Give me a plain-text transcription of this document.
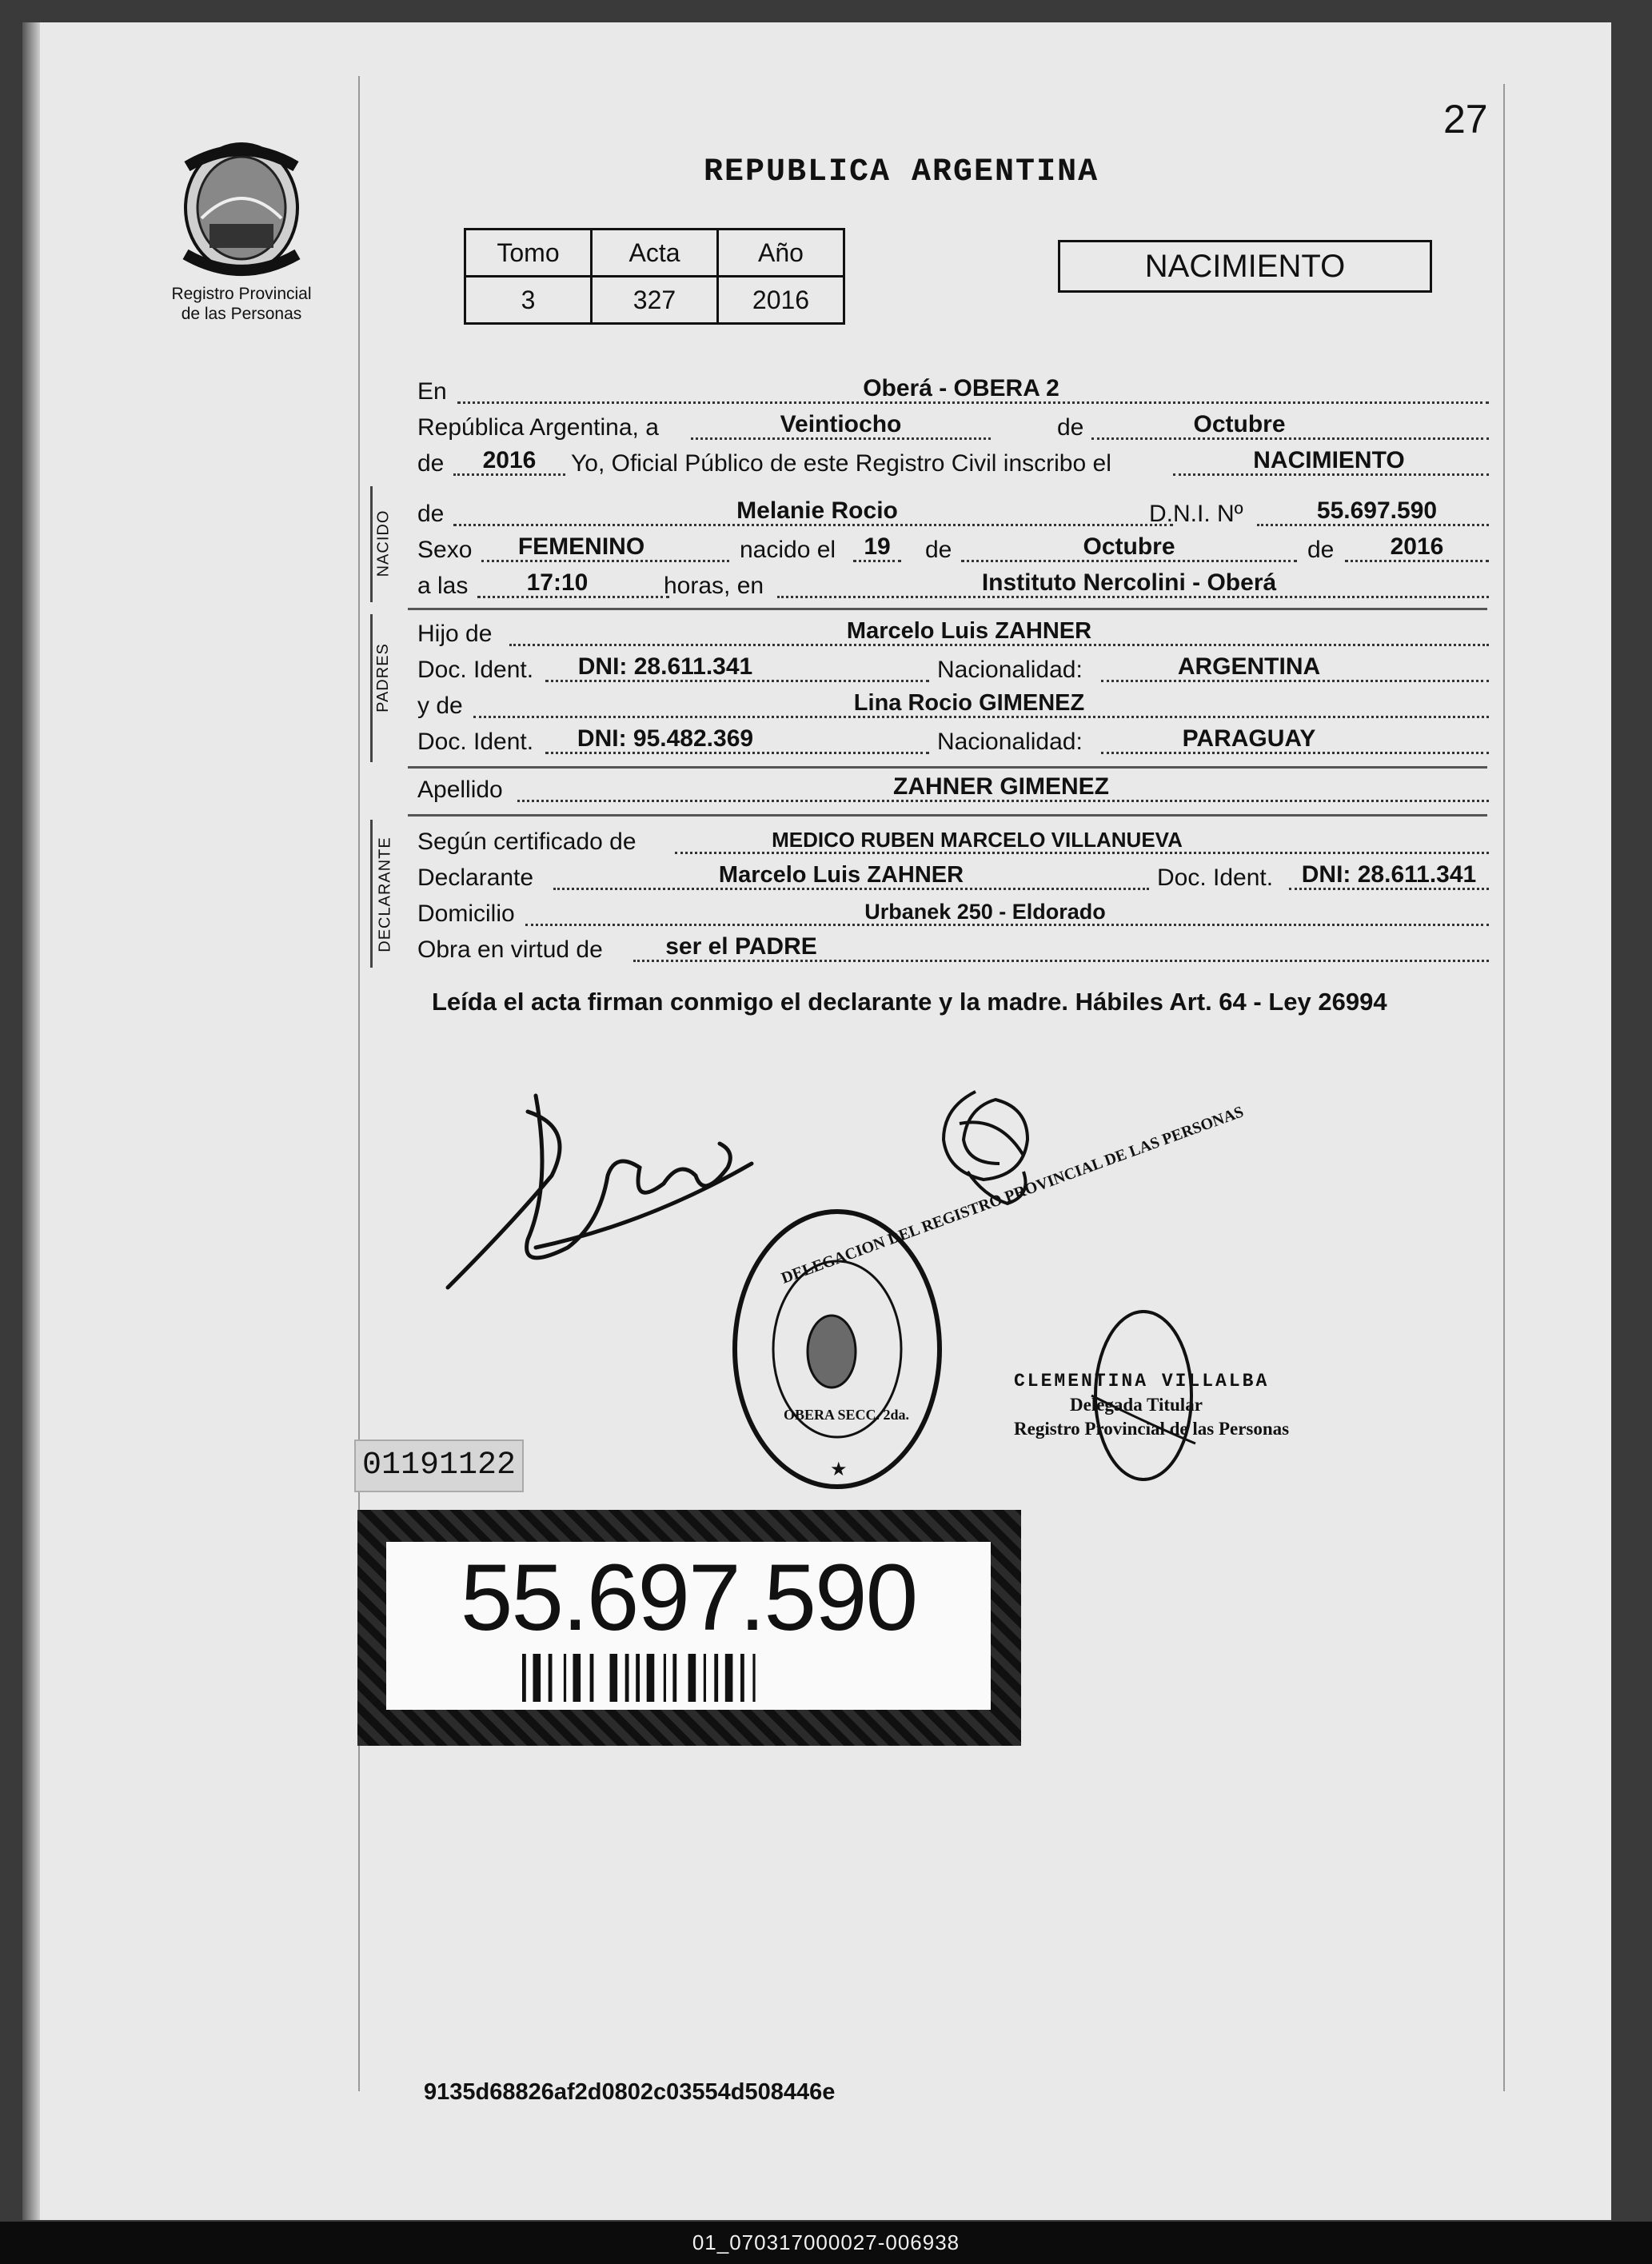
27
Registro Provincial
de las Personas
REPUBLICA ARGENTINA
Tomo	Acta	Año
3	327	2016
NACIMIENTO
En	Oberá - OBERA 2
República Argentina, a	Veintiocho	de	Octubre
de	2016	Yo, Oficial Público de este Registro Civil inscribo el	NACIMIENTO
NACIDO de	Melanie Rocio	D.N.I. Nº	55.697.590
Sexo	FEMENINO	nacido el	19	de	Octubre	de	2016
a las	17:10	horas, en	Instituto Nercolini - Oberá
PADRES
Hijo de	Marcelo Luis ZAHNER
Doc. Ident.	DNI: 28.611.341	Nacionalidad:	ARGENTINA
y de	Lina Rocio GIMENEZ
Doc. Ident.	DNI: 95.482.369	Nacionalidad:	PARAGUAY
Apellido	ZAHNER GIMENEZ
DECLARANTE Según certificado de	MEDICO RUBEN MARCELO VILLANUEVA
Declarante	Marcelo Luis ZAHNER	Doc. Ident.	DNI: 28.611.341
Domicilio	Urbanek 250 - Eldorado
Obra en virtud de	ser el PADRE
Leída el acta firman conmigo el declarante y la madre. Hábiles Art. 64 - Ley 26994
DELEGACION DEL REGISTRO PROVINCIAL DE LAS PERSONAS
OBERA SECC. 2da.
★
CLEMENTINA VILLALBA
Delegada Titular
Registro Provincial de las Personas
01191122
55.697.590
9135d68826af2d0802c03554d508446e
01_070317000027-006938
